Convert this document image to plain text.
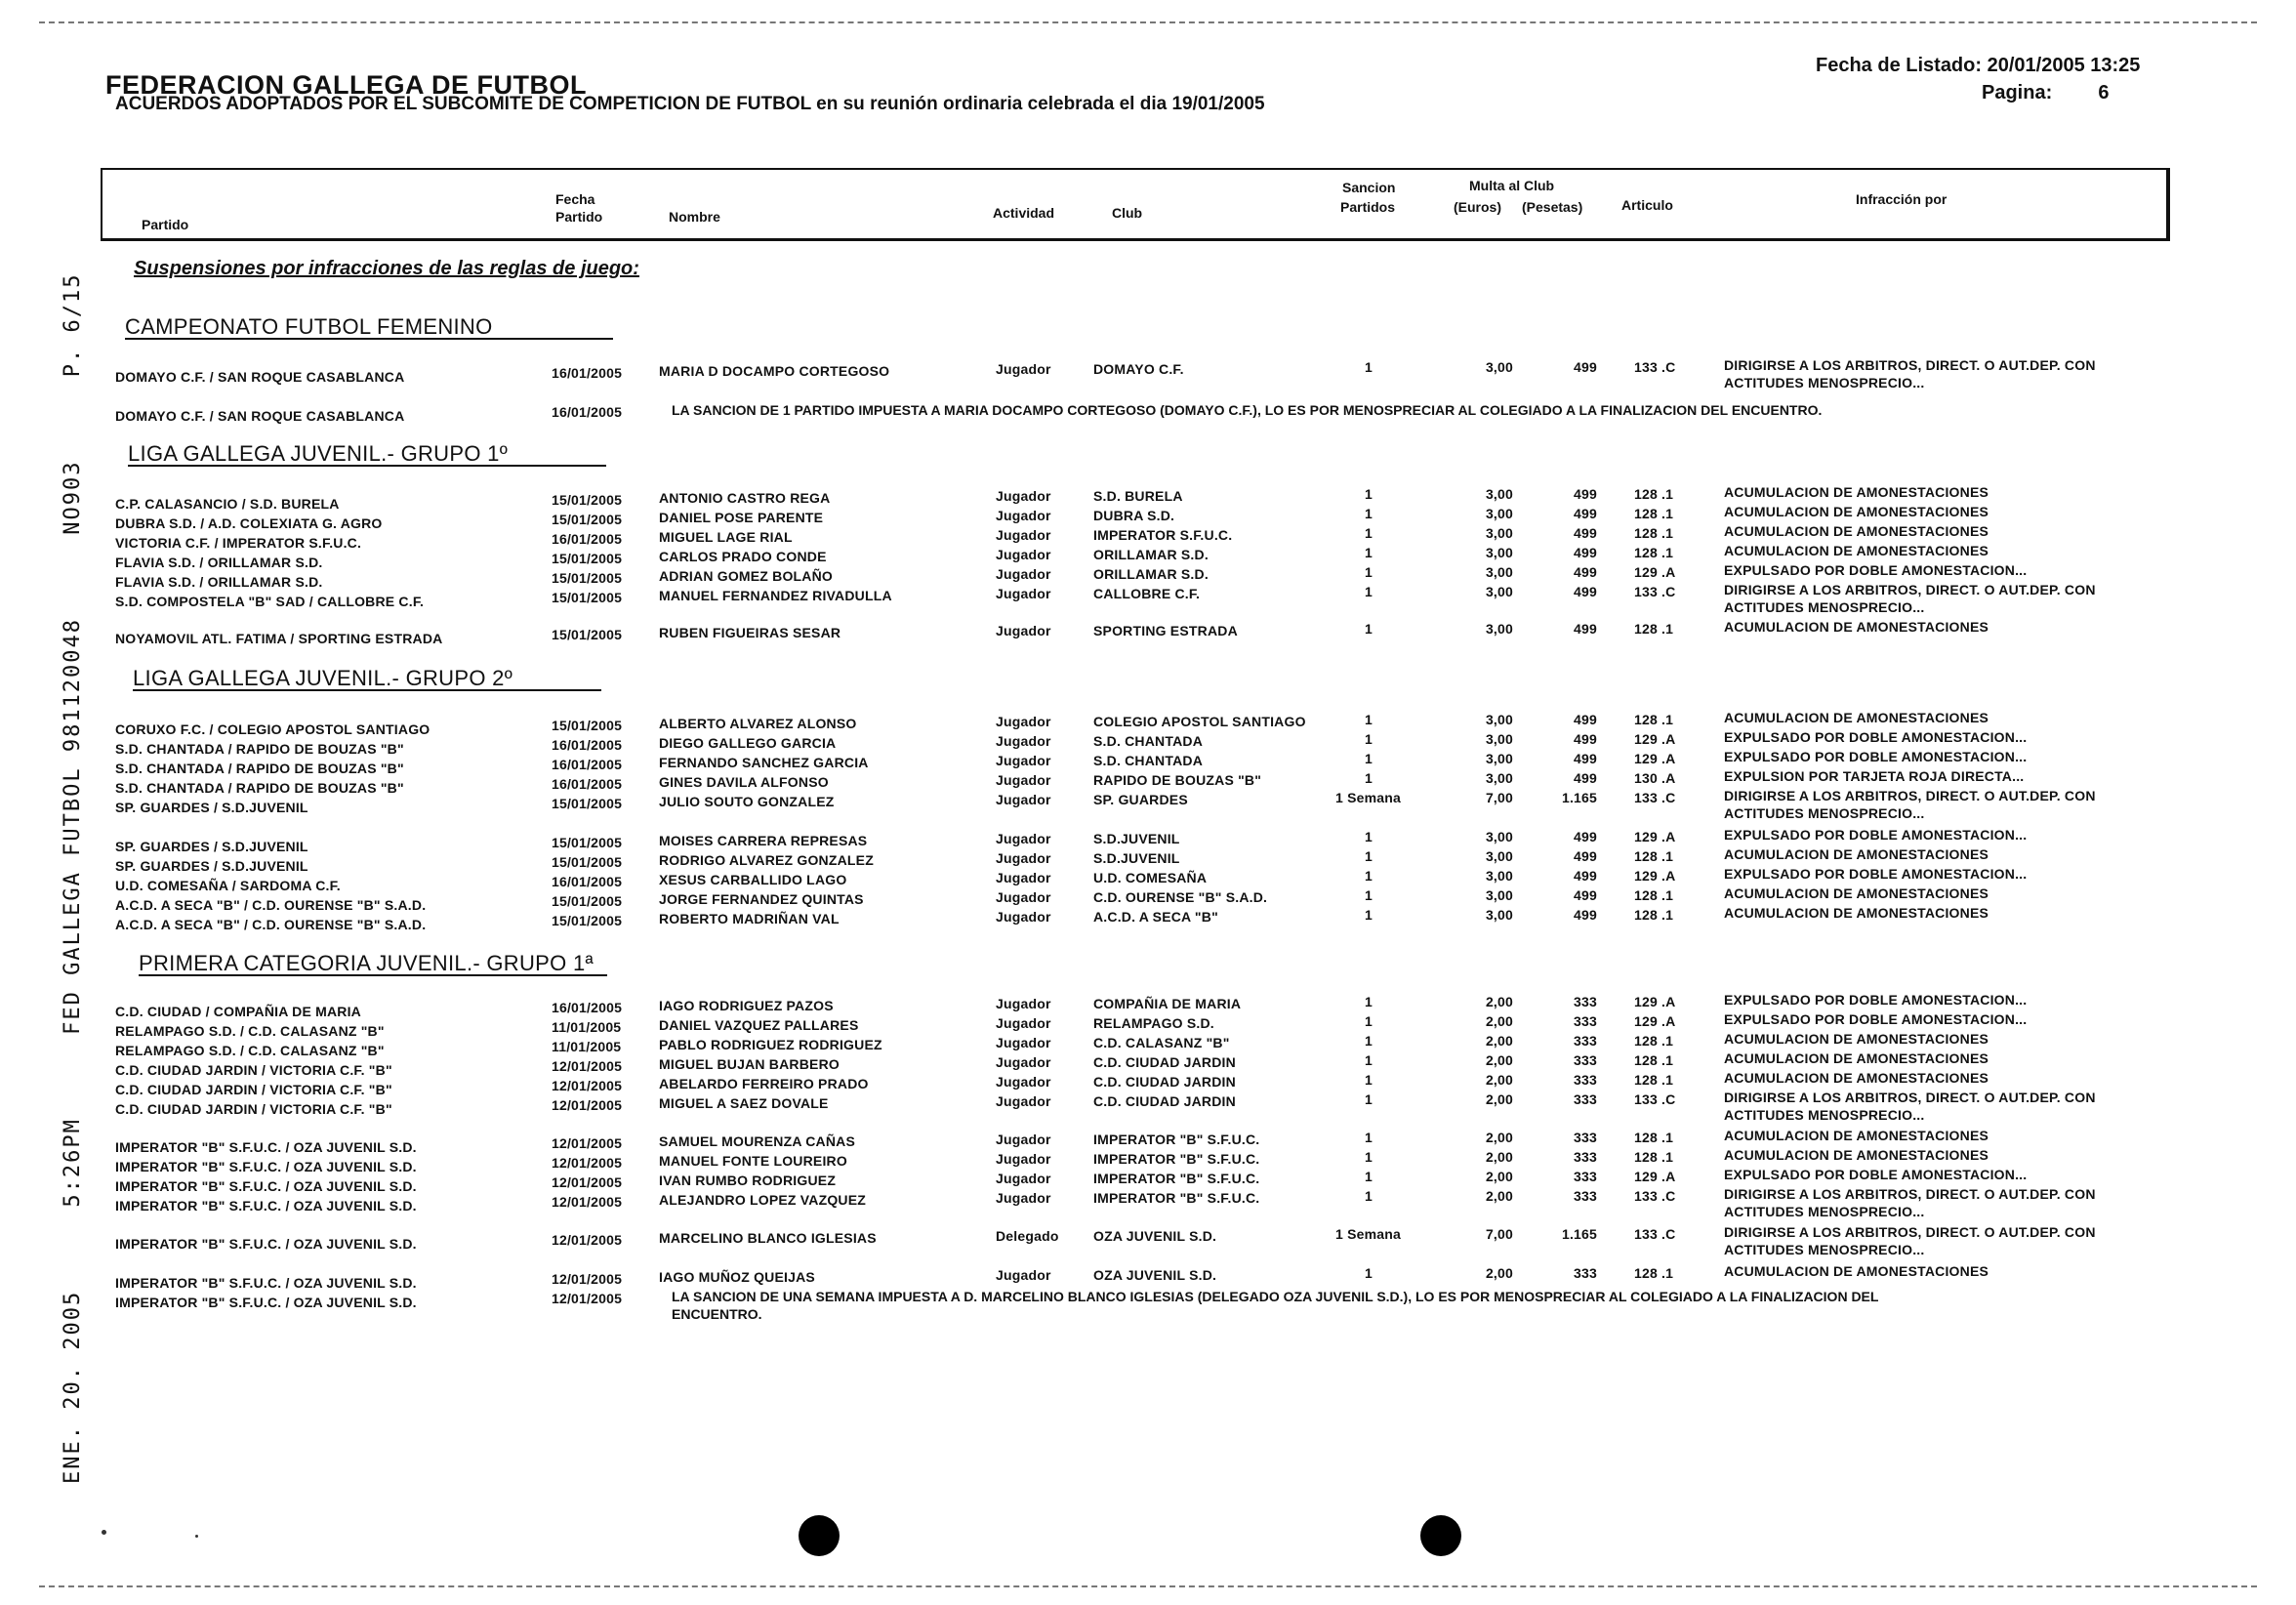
ENE. 20. 2005 5:26PM FED GALLEGA FUTBOL 981120048 NO903 P. 6/15
FEDERACION GALLEGA DE FUTBOL
ACUERDOS ADOPTADOS POR EL SUBCOMITE DE COMPETICION DE FUTBOL en su reunión ordinaria celebrada el dia 19/01/2005
Fecha de Listado: 20/01/2005 13:25
Pagina: 6
Partido
Fecha
Partido	Nombre	Actividad	Club
Sancion
Partidos
Multa al Club
(Euros) (Pesetas)	Articulo	Infracción por
Suspensiones por infracciones de las reglas de juego:
CAMPEONATO FUTBOL FEMENINO
DOMAYO C.F. / SAN ROQUE CASABLANCA	16/01/2005	MARIA D DOCAMPO CORTEGOSO	Jugador	DOMAYO C.F.	1	3,00	499	133 .C	DIRIGIRSE A LOS ARBITROS, DIRECT. O AUT.DEP. CON
ACTITUDES MENOSPRECIO...
DOMAYO C.F. / SAN ROQUE CASABLANCA	16/01/2005	LA SANCION DE 1 PARTIDO IMPUESTA A MARIA DOCAMPO CORTEGOSO (DOMAYO C.F.), LO ES POR MENOSPRECIAR AL COLEGIADO A LA FINALIZACION DEL ENCUENTRO.
LIGA GALLEGA JUVENIL.- GRUPO 1º
C.P. CALASANCIO / S.D. BURELA	15/01/2005	ANTONIO CASTRO REGA	Jugador	S.D. BURELA	1	3,00	499	128 .1	ACUMULACION DE AMONESTACIONES
DUBRA S.D. / A.D. COLEXIATA G. AGRO	15/01/2005	DANIEL POSE PARENTE	Jugador	DUBRA S.D.	1	3,00	499	128 .1	ACUMULACION DE AMONESTACIONES
VICTORIA C.F. / IMPERATOR S.F.U.C.	16/01/2005	MIGUEL LAGE RIAL	Jugador	IMPERATOR S.F.U.C.	1	3,00	499	128 .1	ACUMULACION DE AMONESTACIONES
FLAVIA S.D. / ORILLAMAR S.D.	15/01/2005	CARLOS PRADO CONDE	Jugador	ORILLAMAR S.D.	1	3,00	499	128 .1	ACUMULACION DE AMONESTACIONES
FLAVIA S.D. / ORILLAMAR S.D.	15/01/2005	ADRIAN GOMEZ BOLAÑO	Jugador	ORILLAMAR S.D.	1	3,00	499	129 .A	EXPULSADO POR DOBLE AMONESTACION...
S.D. COMPOSTELA "B" SAD / CALLOBRE C.F.	15/01/2005	MANUEL FERNANDEZ RIVADULLA	Jugador	CALLOBRE C.F.	1	3,00	499	133 .C	DIRIGIRSE A LOS ARBITROS, DIRECT. O AUT.DEP. CON
ACTITUDES MENOSPRECIO...
NOYAMOVIL ATL. FATIMA / SPORTING ESTRADA	15/01/2005	RUBEN FIGUEIRAS SESAR	Jugador	SPORTING ESTRADA	1	3,00	499	128 .1	ACUMULACION DE AMONESTACIONES
LIGA GALLEGA JUVENIL.- GRUPO 2º
CORUXO F.C. / COLEGIO APOSTOL SANTIAGO	15/01/2005	ALBERTO ALVAREZ ALONSO	Jugador	COLEGIO APOSTOL SANTIAGO	1	3,00	499	128 .1	ACUMULACION DE AMONESTACIONES
S.D. CHANTADA / RAPIDO DE BOUZAS "B"	16/01/2005	DIEGO GALLEGO GARCIA	Jugador	S.D. CHANTADA	1	3,00	499	129 .A	EXPULSADO POR DOBLE AMONESTACION...
S.D. CHANTADA / RAPIDO DE BOUZAS "B"	16/01/2005	FERNANDO SANCHEZ GARCIA	Jugador	S.D. CHANTADA	1	3,00	499	129 .A	EXPULSADO POR DOBLE AMONESTACION...
S.D. CHANTADA / RAPIDO DE BOUZAS "B"	16/01/2005	GINES DAVILA ALFONSO	Jugador	RAPIDO DE BOUZAS "B"	1	3,00	499	130 .A	EXPULSION POR TARJETA ROJA DIRECTA...
SP. GUARDES / S.D.JUVENIL	15/01/2005	JULIO SOUTO GONZALEZ	Jugador	SP. GUARDES	1 Semana	7,00	1.165	133 .C	DIRIGIRSE A LOS ARBITROS, DIRECT. O AUT.DEP. CON
ACTITUDES MENOSPRECIO...
SP. GUARDES / S.D.JUVENIL	15/01/2005	MOISES CARRERA REPRESAS	Jugador	S.D.JUVENIL	1	3,00	499	129 .A	EXPULSADO POR DOBLE AMONESTACION...
SP. GUARDES / S.D.JUVENIL	15/01/2005	RODRIGO ALVAREZ GONZALEZ	Jugador	S.D.JUVENIL	1	3,00	499	128 .1	ACUMULACION DE AMONESTACIONES
U.D. COMESAÑA / SARDOMA C.F.	16/01/2005	XESUS CARBALLIDO LAGO	Jugador	U.D. COMESAÑA	1	3,00	499	129 .A	EXPULSADO POR DOBLE AMONESTACION...
A.C.D. A SECA "B" / C.D. OURENSE "B" S.A.D.	15/01/2005	JORGE FERNANDEZ QUINTAS	Jugador	C.D. OURENSE "B" S.A.D.	1	3,00	499	128 .1	ACUMULACION DE AMONESTACIONES
A.C.D. A SECA "B" / C.D. OURENSE "B" S.A.D.	15/01/2005	ROBERTO MADRIÑAN VAL	Jugador	A.C.D. A SECA "B"	1	3,00	499	128 .1	ACUMULACION DE AMONESTACIONES
PRIMERA CATEGORIA JUVENIL.- GRUPO 1ª
C.D. CIUDAD / COMPAÑIA DE MARIA	16/01/2005	IAGO RODRIGUEZ PAZOS	Jugador	COMPAÑIA DE MARIA	1	2,00	333	129 .A	EXPULSADO POR DOBLE AMONESTACION...
RELAMPAGO S.D. / C.D. CALASANZ "B"	11/01/2005	DANIEL VAZQUEZ PALLARES	Jugador	RELAMPAGO S.D.	1	2,00	333	129 .A	EXPULSADO POR DOBLE AMONESTACION...
RELAMPAGO S.D. / C.D. CALASANZ "B"	11/01/2005	PABLO RODRIGUEZ RODRIGUEZ	Jugador	C.D. CALASANZ "B"	1	2,00	333	128 .1	ACUMULACION DE AMONESTACIONES
C.D. CIUDAD JARDIN / VICTORIA C.F. "B"	12/01/2005	MIGUEL BUJAN BARBERO	Jugador	C.D. CIUDAD JARDIN	1	2,00	333	128 .1	ACUMULACION DE AMONESTACIONES
C.D. CIUDAD JARDIN / VICTORIA C.F. "B"	12/01/2005	ABELARDO FERREIRO PRADO	Jugador	C.D. CIUDAD JARDIN	1	2,00	333	128 .1	ACUMULACION DE AMONESTACIONES
C.D. CIUDAD JARDIN / VICTORIA C.F. "B"	12/01/2005	MIGUEL A SAEZ DOVALE	Jugador	C.D. CIUDAD JARDIN	1	2,00	333	133 .C	DIRIGIRSE A LOS ARBITROS, DIRECT. O AUT.DEP. CON
ACTITUDES MENOSPRECIO...
IMPERATOR "B" S.F.U.C. / OZA JUVENIL S.D.	12/01/2005	SAMUEL MOURENZA CAÑAS	Jugador	IMPERATOR "B" S.F.U.C.	1	2,00	333	128 .1	ACUMULACION DE AMONESTACIONES
IMPERATOR "B" S.F.U.C. / OZA JUVENIL S.D.	12/01/2005	MANUEL FONTE LOUREIRO	Jugador	IMPERATOR "B" S.F.U.C.	1	2,00	333	128 .1	ACUMULACION DE AMONESTACIONES
IMPERATOR "B" S.F.U.C. / OZA JUVENIL S.D.	12/01/2005	IVAN RUMBO RODRIGUEZ	Jugador	IMPERATOR "B" S.F.U.C.	1	2,00	333	129 .A	EXPULSADO POR DOBLE AMONESTACION...
IMPERATOR "B" S.F.U.C. / OZA JUVENIL S.D.	12/01/2005	ALEJANDRO LOPEZ VAZQUEZ	Jugador	IMPERATOR "B" S.F.U.C.	1	2,00	333	133 .C	DIRIGIRSE A LOS ARBITROS, DIRECT. O AUT.DEP. CON
ACTITUDES MENOSPRECIO...
IMPERATOR "B" S.F.U.C. / OZA JUVENIL S.D.	12/01/2005	MARCELINO BLANCO IGLESIAS	Delegado	OZA JUVENIL S.D.	1 Semana	7,00	1.165	133 .C	DIRIGIRSE A LOS ARBITROS, DIRECT. O AUT.DEP. CON
ACTITUDES MENOSPRECIO...
IMPERATOR "B" S.F.U.C. / OZA JUVENIL S.D.	12/01/2005	IAGO MUÑOZ QUEIJAS	Jugador	OZA JUVENIL S.D.	1	2,00	333	128 .1	ACUMULACION DE AMONESTACIONES
IMPERATOR "B" S.F.U.C. / OZA JUVENIL S.D.	12/01/2005	LA SANCION DE UNA SEMANA IMPUESTA A D. MARCELINO BLANCO IGLESIAS (DELEGADO OZA JUVENIL S.D.), LO ES POR MENOSPRECIAR AL COLEGIADO A LA FINALIZACION DEL
ENCUENTRO.
